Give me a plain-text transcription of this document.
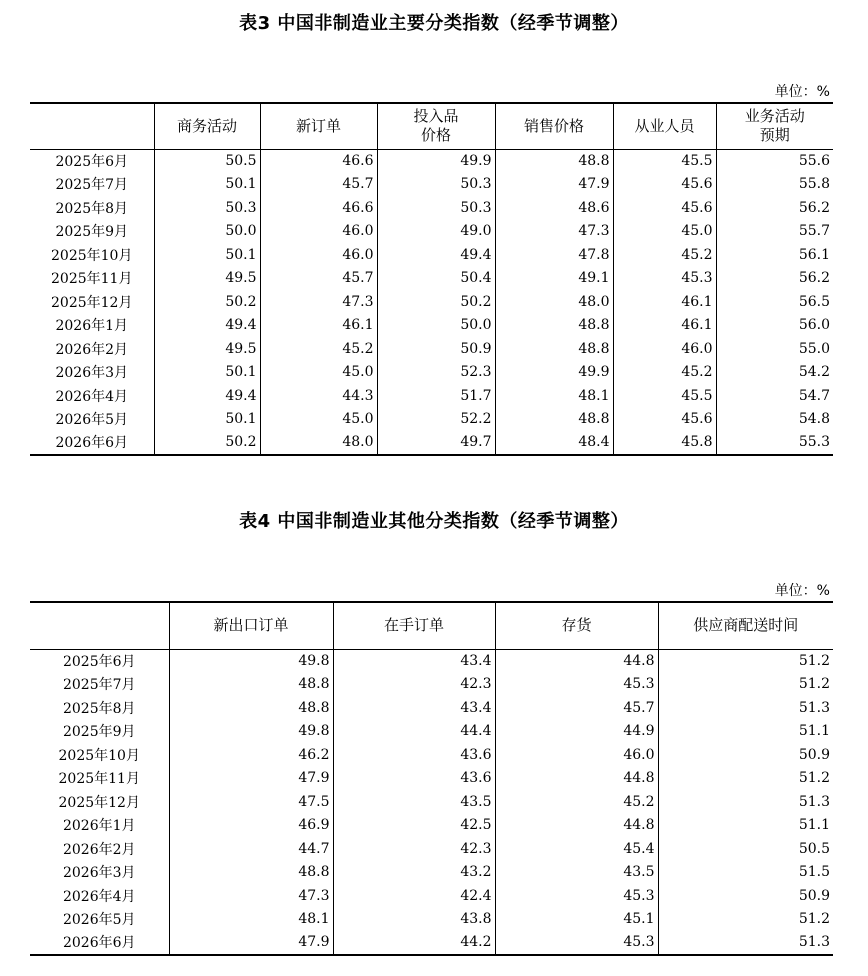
表3 中国非制造业主要分类指数（经季节调整）
单位：%
	商务活动	新订单	投入品
价格	销售价格	从业人员	业务活动
预期
2025年6月	50.5	46.6	49.9	48.8	45.5	55.6
2025年7月	50.1	45.7	50.3	47.9	45.6	55.8
2025年8月	50.3	46.6	50.3	48.6	45.6	56.2
2025年9月	50.0	46.0	49.0	47.3	45.0	55.7
2025年10月	50.1	46.0	49.4	47.8	45.2	56.1
2025年11月	49.5	45.7	50.4	49.1	45.3	56.2
2025年12月	50.2	47.3	50.2	48.0	46.1	56.5
2026年1月	49.4	46.1	50.0	48.8	46.1	56.0
2026年2月	49.5	45.2	50.9	48.8	46.0	55.0
2026年3月	50.1	45.0	52.3	49.9	45.2	54.2
2026年4月	49.4	44.3	51.7	48.1	45.5	54.7
2026年5月	50.1	45.0	52.2	48.8	45.6	54.8
2026年6月	50.2	48.0	49.7	48.4	45.8	55.3
表4 中国非制造业其他分类指数（经季节调整）
单位：%
	新出口订单	在手订单	存货	供应商配送时间
2025年6月	49.8	43.4	44.8	51.2
2025年7月	48.8	42.3	45.3	51.2
2025年8月	48.8	43.4	45.7	51.3
2025年9月	49.8	44.4	44.9	51.1
2025年10月	46.2	43.6	46.0	50.9
2025年11月	47.9	43.6	44.8	51.2
2025年12月	47.5	43.5	45.2	51.3
2026年1月	46.9	42.5	44.8	51.1
2026年2月	44.7	42.3	45.4	50.5
2026年3月	48.8	43.2	43.5	51.5
2026年4月	47.3	42.4	45.3	50.9
2026年5月	48.1	43.8	45.1	51.2
2026年6月	47.9	44.2	45.3	51.3
